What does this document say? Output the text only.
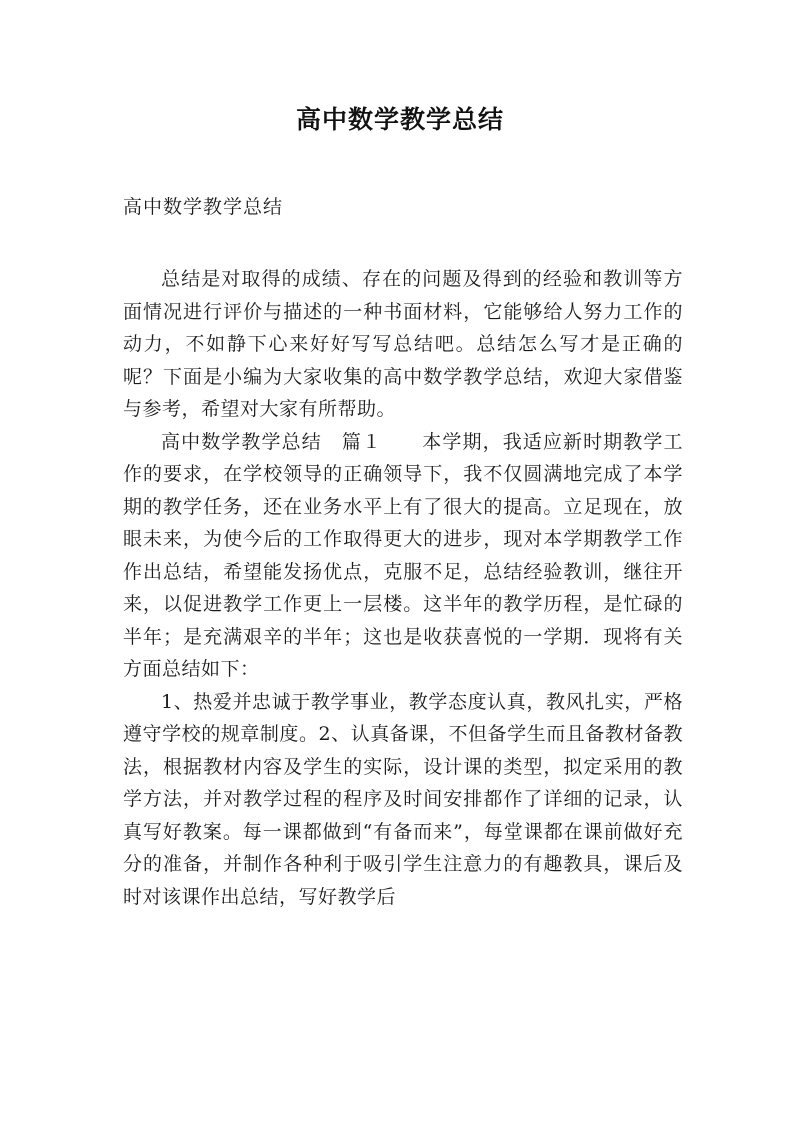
高中数学教学总结
高中数学教学总结

总结是对取得的成绩、存在的问题及得到的经验和教训等方面情况进行评价与描述的一种书面材料，它能够给人努力工作的动力，不如静下心来好好写写总结吧。总结怎么写才是正确的呢？下面是小编为大家收集的高中数学教学总结，欢迎大家借鉴与参考，希望对大家有所帮助。

高中数学教学总结　篇１　　本学期，我适应新时期教学工作的要求，在学校领导的正确领导下，我不仅圆满地完成了本学期的教学任务，还在业务水平上有了很大的提高。立足现在，放眼未来，为使今后的工作取得更大的进步，现对本学期教学工作作出总结，希望能发扬优点，克服不足，总结经验教训，继往开来，以促进教学工作更上一层楼。这半年的教学历程，是忙碌的半年；是充满艰辛的半年；这也是收获喜悦的一学期．现将有关方面总结如下：

1、热爱并忠诚于教学事业，教学态度认真，教风扎实，严格遵守学校的规章制度。2、认真备课，不但备学生而且备教材备教法，根据教材内容及学生的实际，设计课的类型，拟定采用的教学方法，并对教学过程的程序及时间安排都作了详细的记录，认真写好教案。每一课都做到“有备而来”，每堂课都在课前做好充分的准备，并制作各种利于吸引学生注意力的有趣教具，课后及时对该课作出总结，写好教学后
